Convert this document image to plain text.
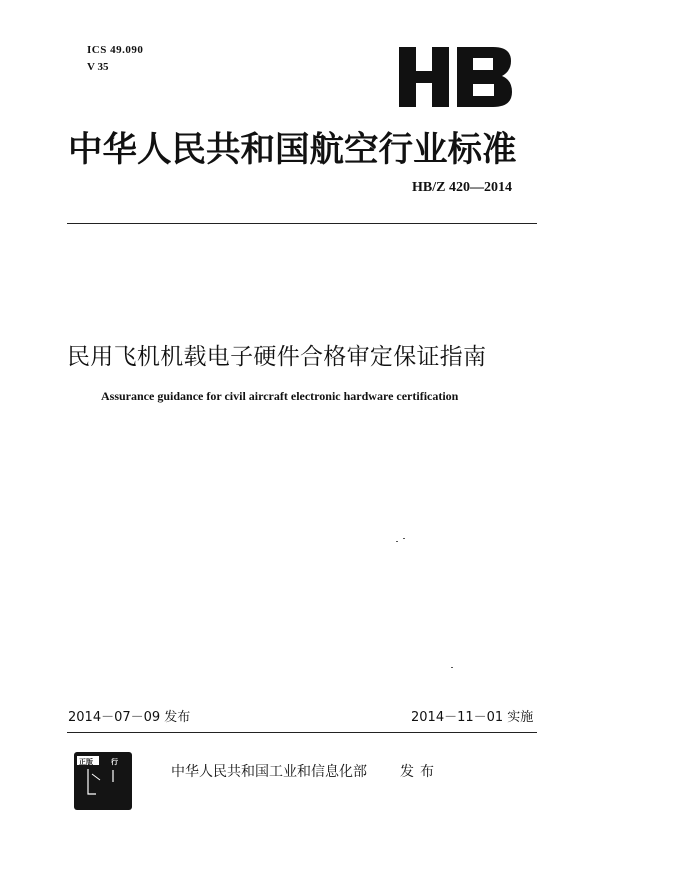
ICS 49.090
V 35
中华人民共和国航空行业标准
HB/Z 420—2014
民用飞机机载电子硬件合格审定保证指南
Assurance guidance for civil aircraft electronic hardware certification
2014－07－09 发布	2014－11－01 实施
正版	行
中华人民共和国工业和信息化部 发布
